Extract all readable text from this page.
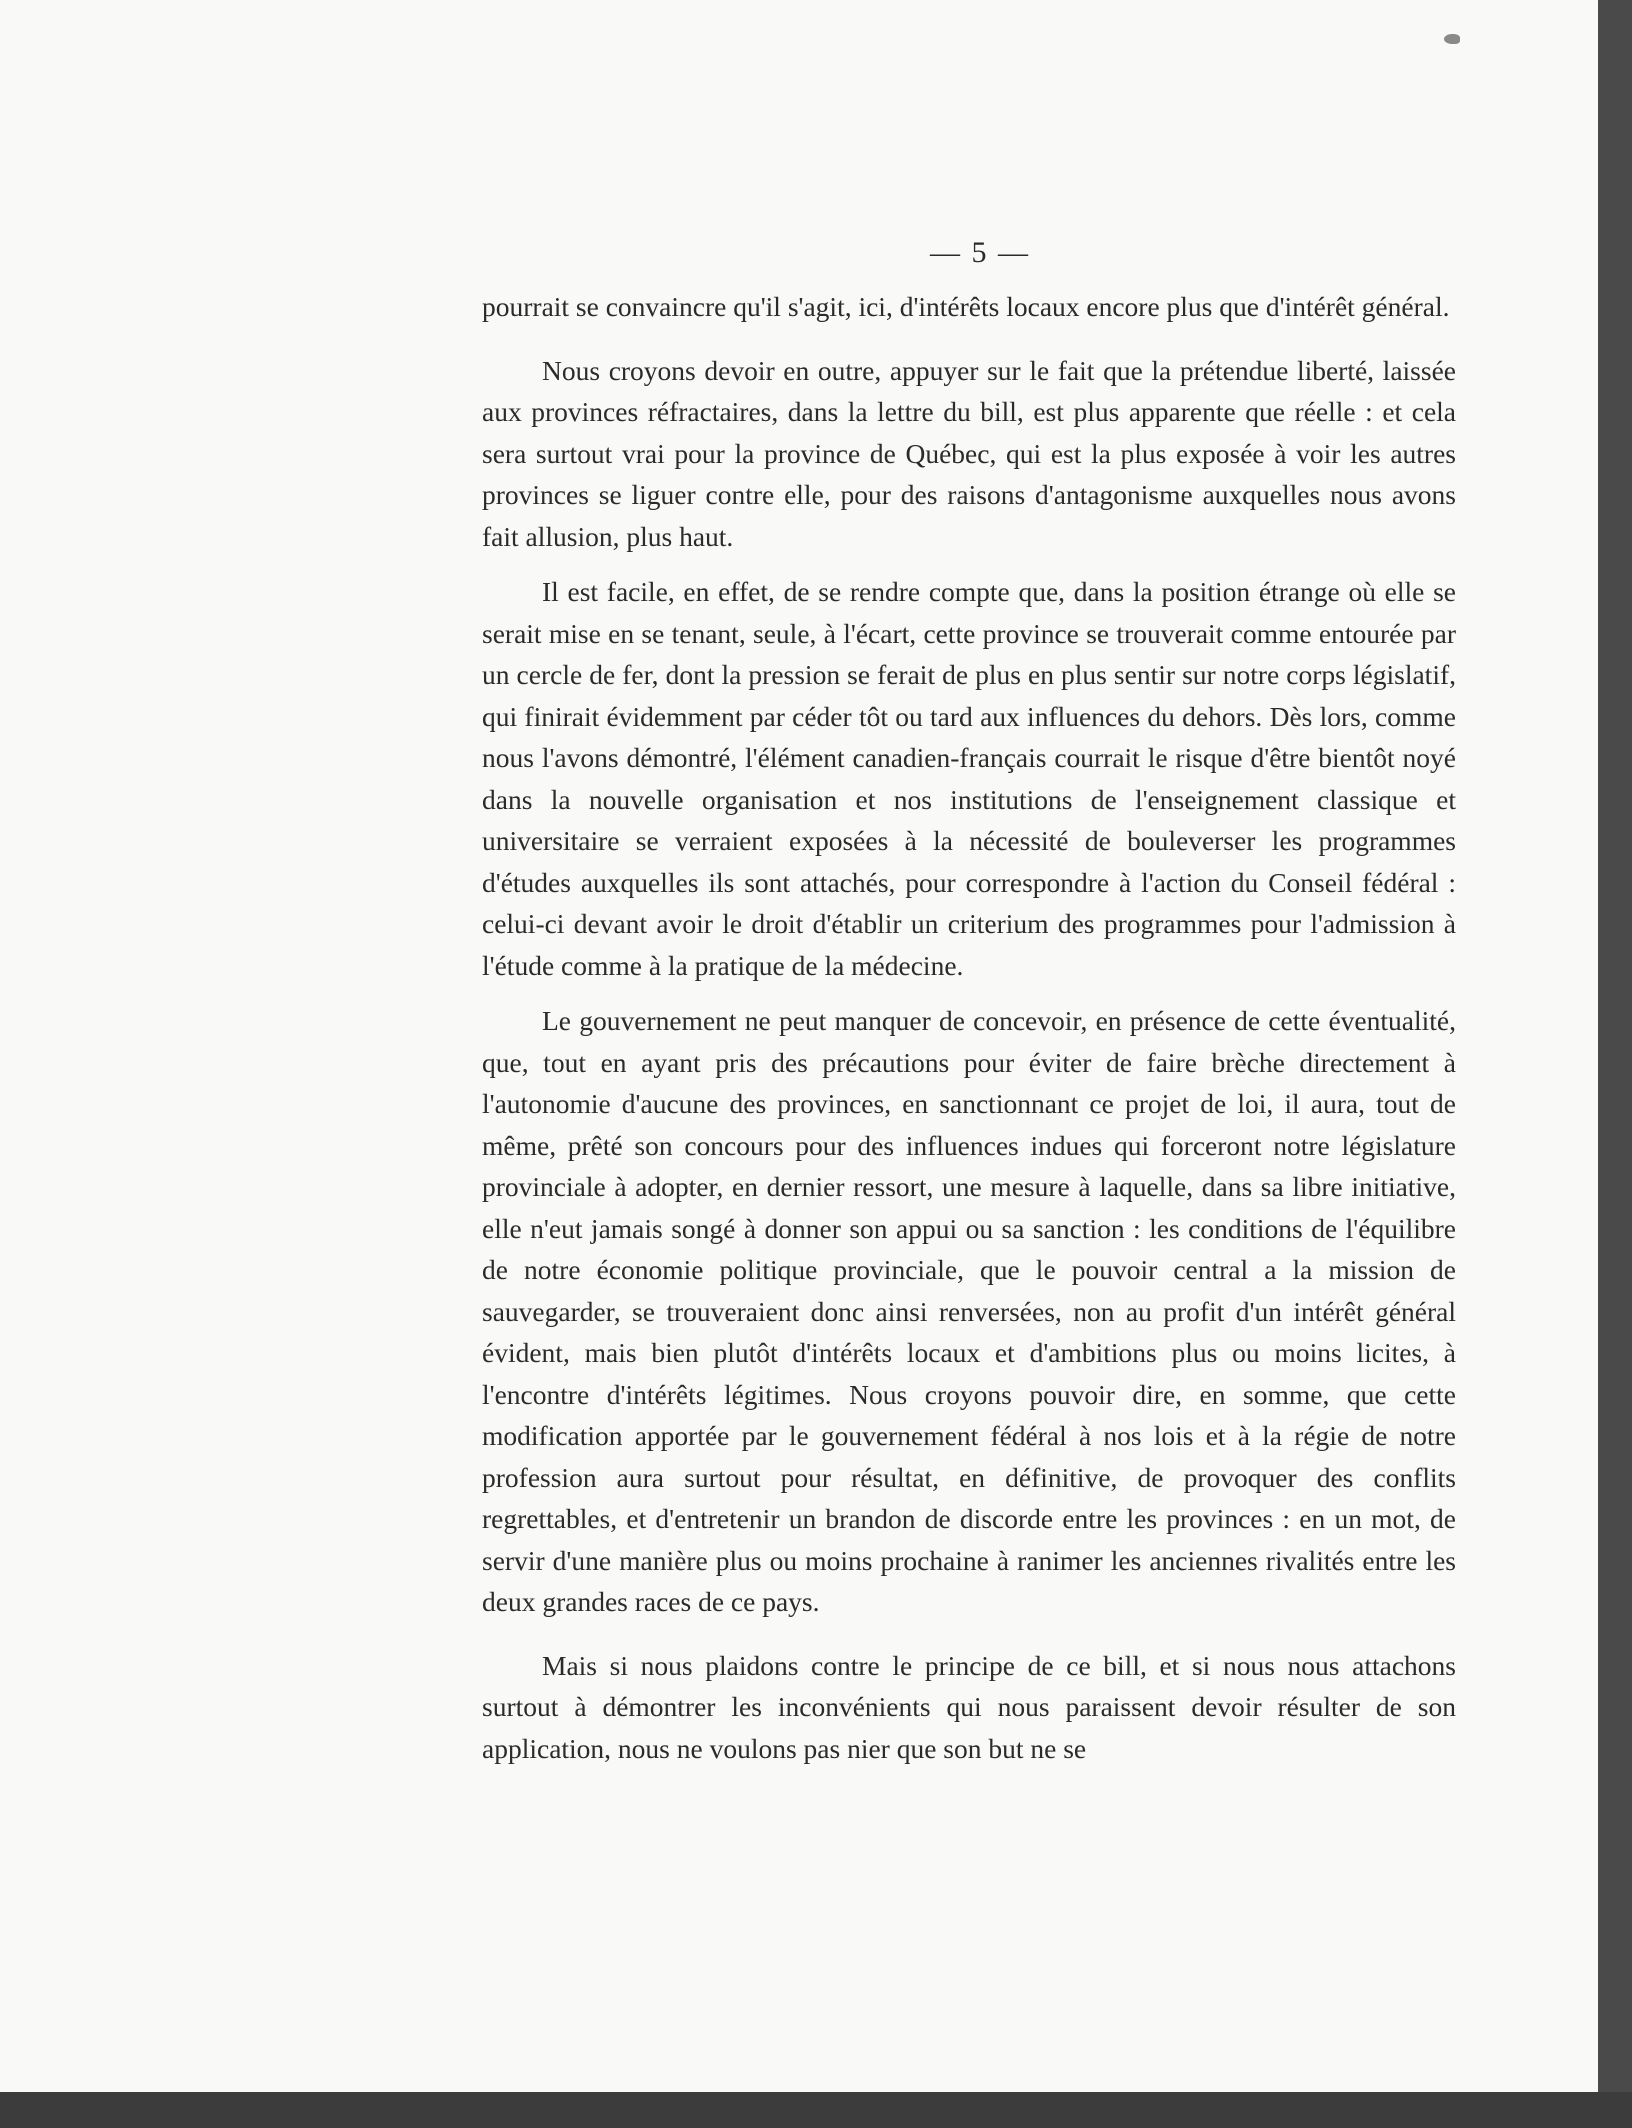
— 5 —

pourrait se convaincre qu'il s'agit, ici, d'intérêts locaux encore plus que d'intérêt général.

Nous croyons devoir en outre, appuyer sur le fait que la prétendue liberté, laissée aux provinces réfractaires, dans la lettre du bill, est plus apparente que réelle : et cela sera surtout vrai pour la province de Québec, qui est la plus exposée à voir les autres provinces se liguer contre elle, pour des raisons d'antagonisme auxquelles nous avons fait allusion, plus haut.

Il est facile, en effet, de se rendre compte que, dans la position étrange où elle se serait mise en se tenant, seule, à l'écart, cette province se trouverait comme entourée par un cercle de fer, dont la pression se ferait de plus en plus sentir sur notre corps législatif, qui finirait évidemment par céder tôt ou tard aux influences du dehors. Dès lors, comme nous l'avons démontré, l'élément canadien-français courrait le risque d'être bientôt noyé dans la nouvelle organisation et nos institutions de l'enseignement classique et universitaire se verraient exposées à la nécessité de bouleverser les programmes d'études auxquelles ils sont attachés, pour correspondre à l'action du Conseil fédéral : celui-ci devant avoir le droit d'établir un criterium des programmes pour l'admission à l'étude comme à la pratique de la médecine.

Le gouvernement ne peut manquer de concevoir, en présence de cette éventualité, que, tout en ayant pris des précautions pour éviter de faire brèche directement à l'autonomie d'aucune des provinces, en sanctionnant ce projet de loi, il aura, tout de même, prêté son concours pour des influences indues qui forceront notre législature provinciale à adopter, en dernier ressort, une mesure à laquelle, dans sa libre initiative, elle n'eut jamais songé à donner son appui ou sa sanction : les conditions de l'équilibre de notre économie politique provinciale, que le pouvoir central a la mission de sauvegarder, se trouveraient donc ainsi renversées, non au profit d'un intérêt général évident, mais bien plutôt d'intérêts locaux et d'ambitions plus ou moins licites, à l'encontre d'intérêts légitimes. Nous croyons pouvoir dire, en somme, que cette modification apportée par le gouvernement fédéral à nos lois et à la régie de notre profession aura surtout pour résultat, en définitive, de provoquer des conflits regrettables, et d'entretenir un brandon de discorde entre les provinces : en un mot, de servir d'une manière plus ou moins prochaine à ranimer les anciennes rivalités entre les deux grandes races de ce pays.

Mais si nous plaidons contre le principe de ce bill, et si nous nous attachons surtout à démontrer les inconvénients qui nous paraissent devoir résulter de son application, nous ne voulons pas nier que son but ne se
